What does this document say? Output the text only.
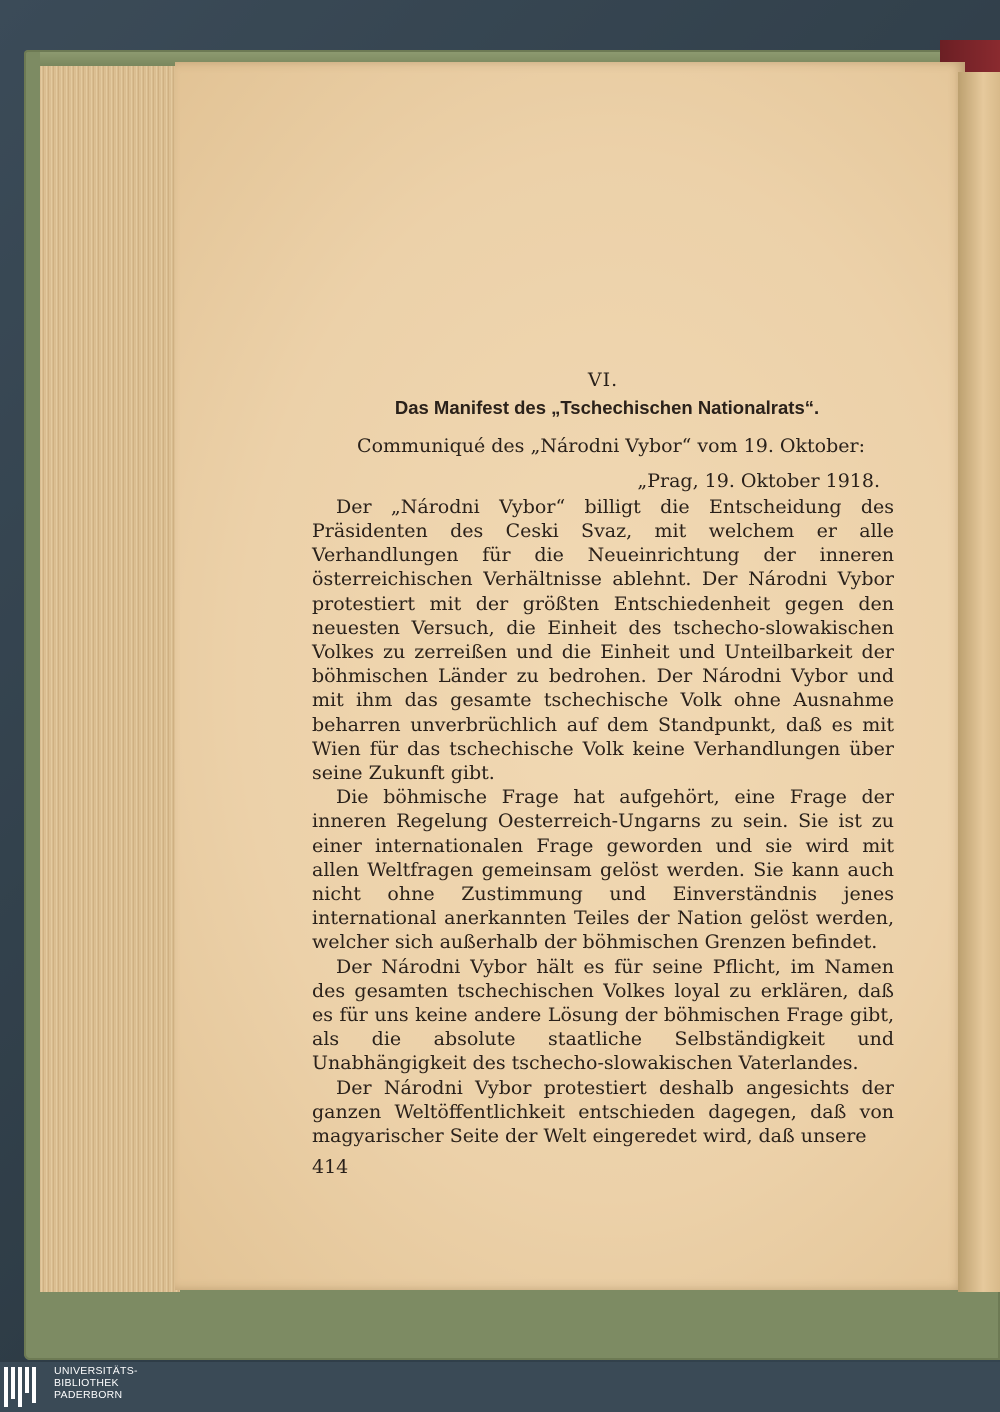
VI.
Das Manifest des „Tschechischen Nationalrats“.
Communiqué des „Národni Vybor“ vom 19. Oktober:
„Prag, 19. Oktober 1918.

Der „Národni Vybor“ billigt die Entscheidung des Präsidenten des Ceski Svaz, mit welchem er alle Verhandlungen für die Neueinrichtung der inneren österreichischen Verhältnisse ablehnt. Der Národni Vybor protestiert mit der größten Entschiedenheit gegen den neuesten Versuch, die Einheit des tschecho-slowakischen Volkes zu zerreißen und die Einheit und Unteilbarkeit der böhmischen Länder zu bedrohen. Der Národni Vybor und mit ihm das gesamte tschechische Volk ohne Ausnahme beharren unverbrüchlich auf dem Standpunkt, daß es mit Wien für das tschechische Volk keine Verhandlungen über seine Zukunft gibt.

Die böhmische Frage hat aufgehört, eine Frage der inneren Regelung Oesterreich-Ungarns zu sein. Sie ist zu einer internationalen Frage geworden und sie wird mit allen Weltfragen gemeinsam gelöst werden. Sie kann auch nicht ohne Zustimmung und Einverständnis jenes international anerkannten Teiles der Nation gelöst werden, welcher sich außerhalb der böhmischen Grenzen befindet.

Der Národni Vybor hält es für seine Pflicht, im Namen des gesamten tschechischen Volkes loyal zu erklären, daß es für uns keine andere Lösung der böhmischen Frage gibt, als die absolute staatliche Selbständigkeit und Unabhängigkeit des tschecho-slowakischen Vaterlandes.

Der Národni Vybor protestiert deshalb angesichts der ganzen Weltöffentlichkeit entschieden dagegen, daß von magyarischer Seite der Welt eingeredet wird, daß unsere

414
UNIVERSITÄTS-
BIBLIOTHEK
PADERBORN
